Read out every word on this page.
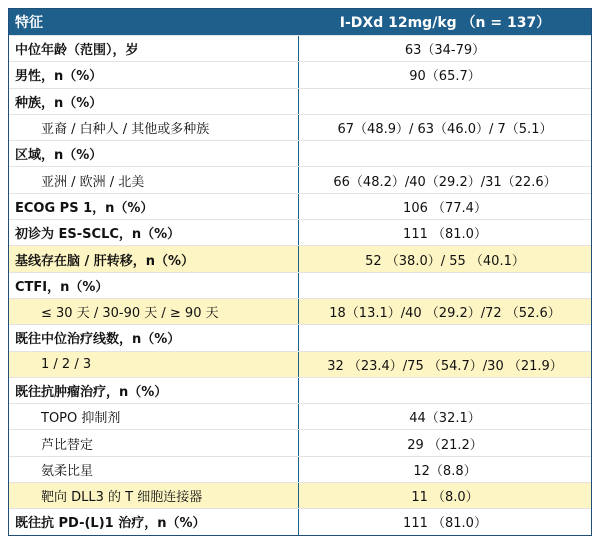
特征	I-DXd 12mg/kg （n = 137）
中位年龄（范围），岁	63（34-79）
男性，n（%）	90（65.7）
种族，n（%）
亚裔 / 白种人 / 其他或多种族	67（48.9）/ 63（46.0）/ 7（5.1）
区域，n（%）
亚洲 / 欧洲 / 北美	66（48.2）/40（29.2）/31（22.6）
ECOG PS 1，n（%）	106 （77.4）
初诊为 ES-SCLC，n（%）	111 （81.0）
基线存在脑 / 肝转移，n（%）	52 （38.0）/ 55 （40.1）
CTFI，n（%）
≤ 30 天 / 30-90 天 / ≥ 90 天	18（13.1）/40 （29.2）/72 （52.6）
既往中位治疗线数，n（%）
1 / 2 / 3	32 （23.4）/75 （54.7）/30 （21.9）
既往抗肿瘤治疗，n（%）
TOPO 抑制剂	44（32.1）
芦比替定	29 （21.2）
氨柔比星	12（8.8）
靶向 DLL3 的 T 细胞连接器	11 （8.0）
既往抗 PD-(L)1 治疗，n（%）	111 （81.0）
